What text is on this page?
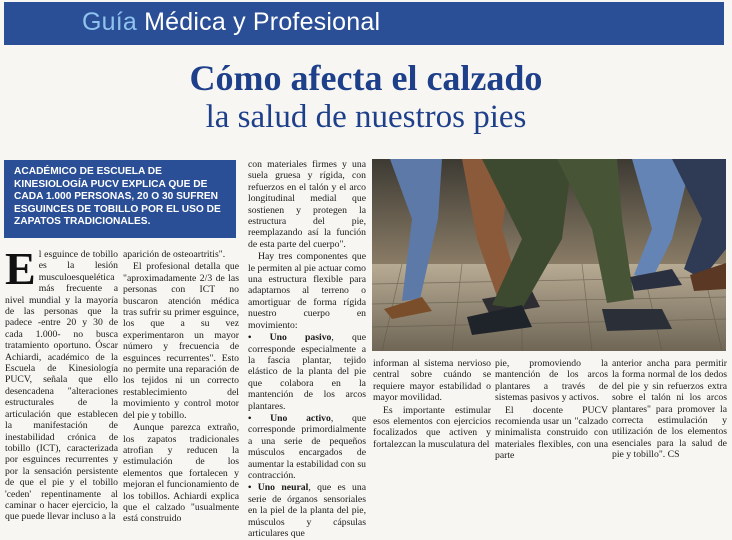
Guía Médica y Profesional
Cómo afecta el calzado
la salud de nuestros pies
ACADÉMICO DE ESCUELA DE KINESIOLOGÍA PUCV EXPLICA QUE DE CADA 1.000 PERSONAS, 20 O 30 SUFREN ESGUINCES DE TOBILLO POR EL USO DE ZAPATOS TRADICIONALES.
E l esguince de tobillo es la lesión musculoesquelética más frecuente a nivel mundial y la mayoría de las personas que la padece -entre 20 y 30 de cada 1.000- no busca tratamiento oportuno. Óscar Achiardi, académico de la Escuela de Kinesiología PUCV, señala que ello desencadena "alteraciones estructurales de la articulación que establecen la manifestación de inestabilidad crónica de tobillo (ICT), caracterizada por esguinces recurrentes y por la sensación persistente de que el pie y el tobillo 'ceden' repentinamente al caminar o hacer ejercicio, la que puede llevar incluso a la

aparición de osteoartritis".

El profesional detalla que "aproximadamente 2/3 de las personas con ICT no buscaron atención médica tras sufrir su primer esguince, los que a su vez experimentaron un mayor número y frecuencia de esguinces recurrentes". Esto no permite una reparación de los tejidos ni un correcto restablecimiento del movimiento y control motor del pie y tobillo.

Aunque parezca extraño, los zapatos tradicionales atrofian y reducen la estimulación de los elementos que fortalecen y mejoran el funcionamiento de los tobillos. Achiardi explica que el calzado "usualmente está construido

con materiales firmes y una suela gruesa y rígida, con refuerzos en el talón y el arco longitudinal medial que sostienen y protegen la estructura del pie, reemplazando así la función de esta parte del cuerpo".

Hay tres componentes que le permiten al pie actuar como una estructura flexible para adaptarnos al terreno o amortiguar de forma rígida nuestro cuerpo en movimiento:

• Uno pasivo, que corresponde especialmente a la fascia plantar, tejido elástico de la planta del pie que colabora en la mantención de los arcos plantares.

• Uno activo, que corresponde primordialmente a una serie de pequeños músculos encargados de aumentar la estabilidad con su contracción.

• Uno neural, que es una serie de órganos sensoriales en la piel de la planta del pie, músculos y cápsulas articulares que

informan al sistema nervioso central sobre cuándo se requiere mayor estabilidad o mayor movilidad.

Es importante estimular esos elementos con ejercicios focalizados que activen y fortalezcan la musculatura del

pie, promoviendo la mantención de los arcos plantares a través de sistemas pasivos y activos.

El docente PUCV recomienda usar un "calzado minimalista construido con materiales flexibles, con una parte

anterior ancha para permitir la forma normal de los dedos del pie y sin refuerzos extra sobre el talón ni los arcos plantares" para promover la correcta estimulación y utilización de los elementos esenciales para la salud de pie y tobillo". CS
